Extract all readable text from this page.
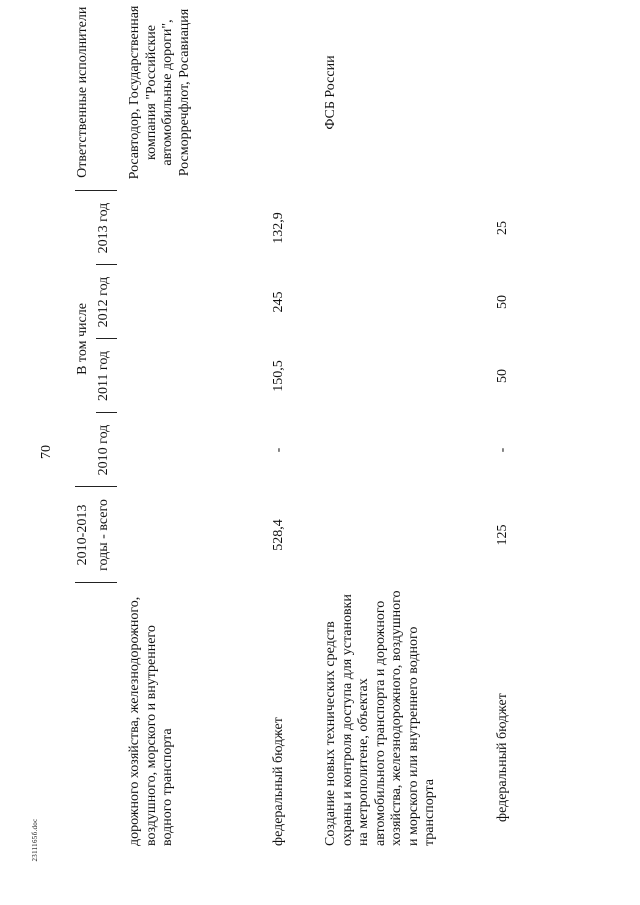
70
2311165б.doc
	2010-2013	В том числе				Ответственные исполнители

	годы - всего	2010 год	2011 год	2012 год	2013 год	
дорожного хозяйства, железнодорожного, воздушного, морского и внутреннего водного транспорта						Росавтодор, Государственная компания "Российские автомобильные дороги", Росморречфлот, Росавиация
федеральный бюджет	528,4	-	150,5	245	132,9	
Создание новых технических средств охраны и контроля доступа для установки на метрополитене, объектах автомобильного транспорта и дорожного хозяйства, железнодорожного, воздушного и морского или внутреннего водного транспорта						ФСБ России
федеральный бюджет	125	-	50	50	25	
